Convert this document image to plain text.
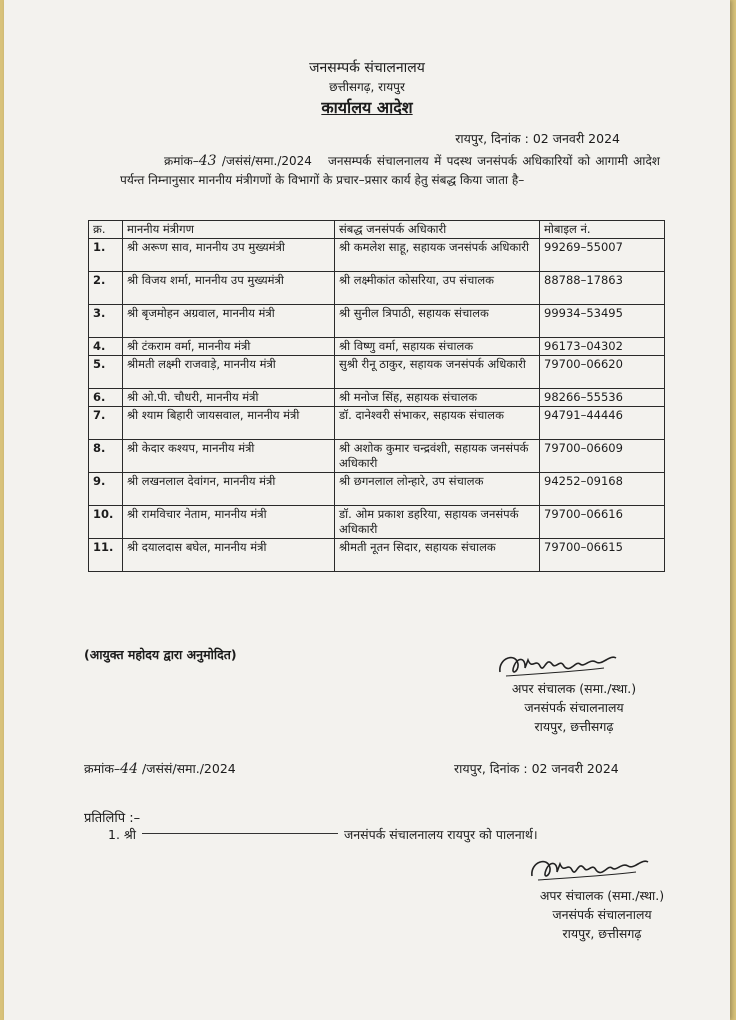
जनसम्पर्क संचालनालय
छत्तीसगढ़, रायपुर
कार्यालय आदेश
रायपुर, दिनांक : 02 जनवरी 2024
क्रमांक–43 /जसंसं/समा./2024 जनसम्पर्क संचालनालय में पदस्थ जनसंपर्क अधिकारियों को आगामी आदेश पर्यन्त निम्नानुसार माननीय मंत्रीगणों के विभागों के प्रचार–प्रसार कार्य हेतु संबद्ध किया जाता है–
क्र.	माननीय मंत्रीगण	संबद्ध जनसंपर्क अधिकारी	मोबाइल नं.
1.	श्री अरूण साव, माननीय उप मुख्यमंत्री	श्री कमलेश साहू, सहायक जनसंपर्क अधिकारी	99269–55007
2.	श्री विजय शर्मा, माननीय उप मुख्यमंत्री	श्री लक्ष्मीकांत कोसरिया, उप संचालक	88788–17863
3.	श्री बृजमोहन अग्रवाल, माननीय मंत्री	श्री सुनील त्रिपाठी, सहायक संचालक	99934–53495
4.	श्री टंकराम वर्मा, माननीय मंत्री	श्री विष्णु वर्मा, सहायक संचालक	96173–04302
5.	श्रीमती लक्ष्मी राजवाड़े, माननीय मंत्री	सुश्री रीनू ठाकुर, सहायक जनसंपर्क अधिकारी	79700–06620
6.	श्री ओ.पी. चौधरी, माननीय मंत्री	श्री मनोज सिंह, सहायक संचालक	98266–55536
7.	श्री श्याम बिहारी जायसवाल, माननीय मंत्री	डॉ. दानेश्वरी संभाकर, सहायक संचालक	94791–44446
8.	श्री केदार कश्यप, माननीय मंत्री	श्री अशोक कुमार चन्द्रवंशी, सहायक जनसंपर्क अधिकारी	79700–06609
9.	श्री लखनलाल देवांगन, माननीय मंत्री	श्री छगनलाल लोन्हारे, उप संचालक	94252–09168
10.	श्री रामविचार नेताम, माननीय मंत्री	डॉ. ओम प्रकाश डहरिया, सहायक जनसंपर्क अधिकारी	79700–06616
11.	श्री दयालदास बघेल, माननीय मंत्री	श्रीमती नूतन सिदार, सहायक संचालक	79700–06615
(आयुक्त महोदय द्वारा अनुमोदित)
अपर संचालक (समा./स्था.)
जनसंपर्क संचालनालय
रायपुर, छत्तीसगढ़
क्रमांक–44 /जसंसं/समा./2024	रायपुर, दिनांक : 02 जनवरी 2024
प्रतिलिपि :–
1. श्री	जनसंपर्क संचालनालय रायपुर को पालनार्थ।
अपर संचालक (समा./स्था.)
जनसंपर्क संचालनालय
रायपुर, छत्तीसगढ़
